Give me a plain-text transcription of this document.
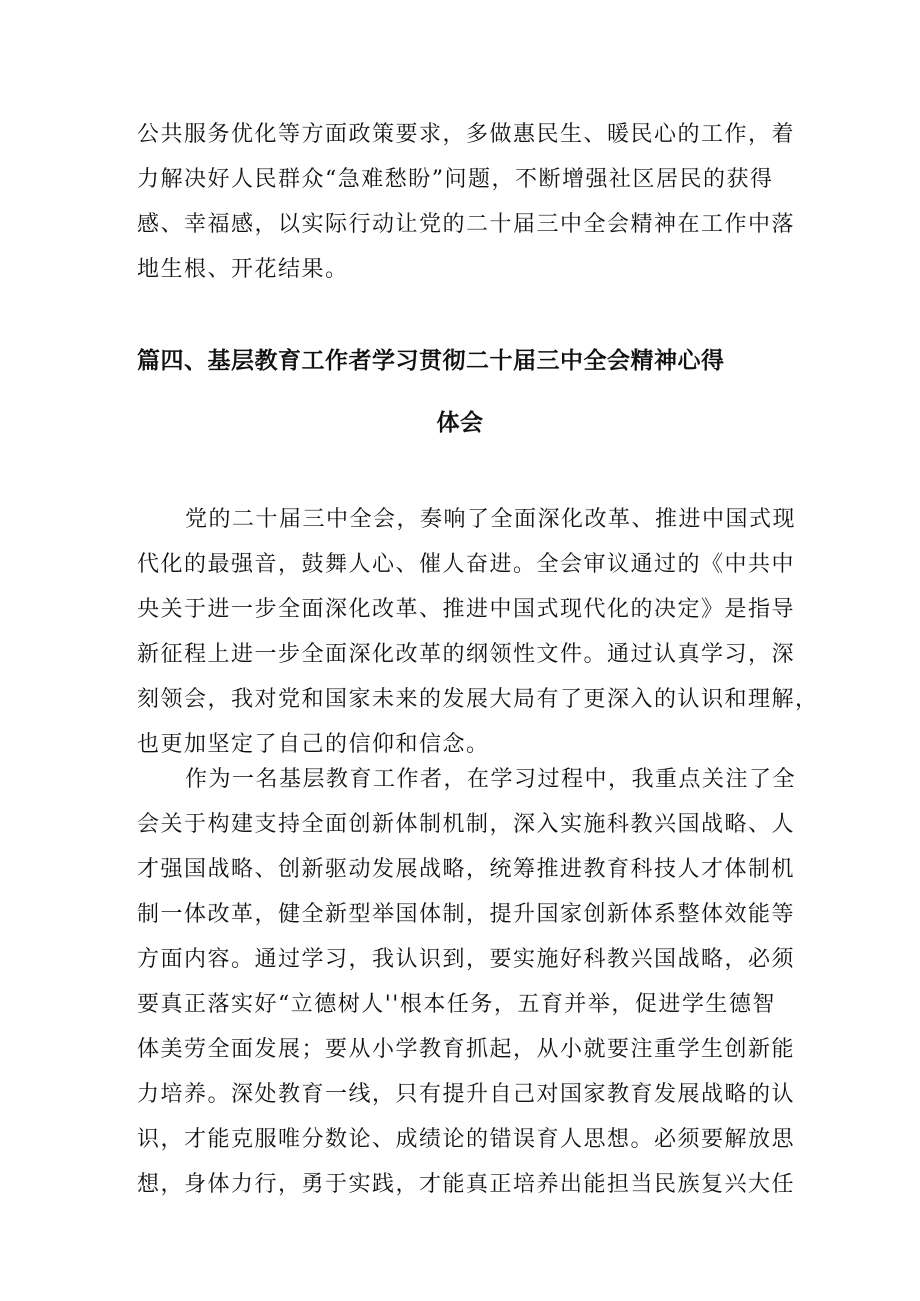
公共服务优化等方面政策要求，多做惠民生、暖民心的工作，着
力解决好人民群众“急难愁盼”问题，不断增强社区居民的获得
感、幸福感，以实际行动让党的二十届三中全会精神在工作中落
地生根、开花结果。
篇四、基层教育工作者学习贯彻二十届三中全会精神心得
体会
党的二十届三中全会，奏响了全面深化改革、推进中国式现
代化的最强音，鼓舞人心、催人奋进。全会审议通过的《中共中
央关于进一步全面深化改革、推进中国式现代化的决定》是指导
新征程上进一步全面深化改革的纲领性文件。通过认真学习，深
刻领会，我对党和国家未来的发展大局有了更深入的认识和理解，
也更加坚定了自己的信仰和信念。
作为一名基层教育工作者，在学习过程中，我重点关注了全
会关于构建支持全面创新体制机制，深入实施科教兴国战略、人
才强国战略、创新驱动发展战略，统筹推进教育科技人才体制机
制一体改革，健全新型举国体制，提升国家创新体系整体效能等
方面内容。通过学习，我认识到，要实施好科教兴国战略，必须
要真正落实好“立德树人''根本任务，五育并举，促进学生德智
体美劳全面发展；要从小学教育抓起，从小就要注重学生创新能
力培养。深处教育一线，只有提升自己对国家教育发展战略的认
识，才能克服唯分数论、成绩论的错误育人思想。必须要解放思
想，身体力行，勇于实践，才能真正培养出能担当民族复兴大任
